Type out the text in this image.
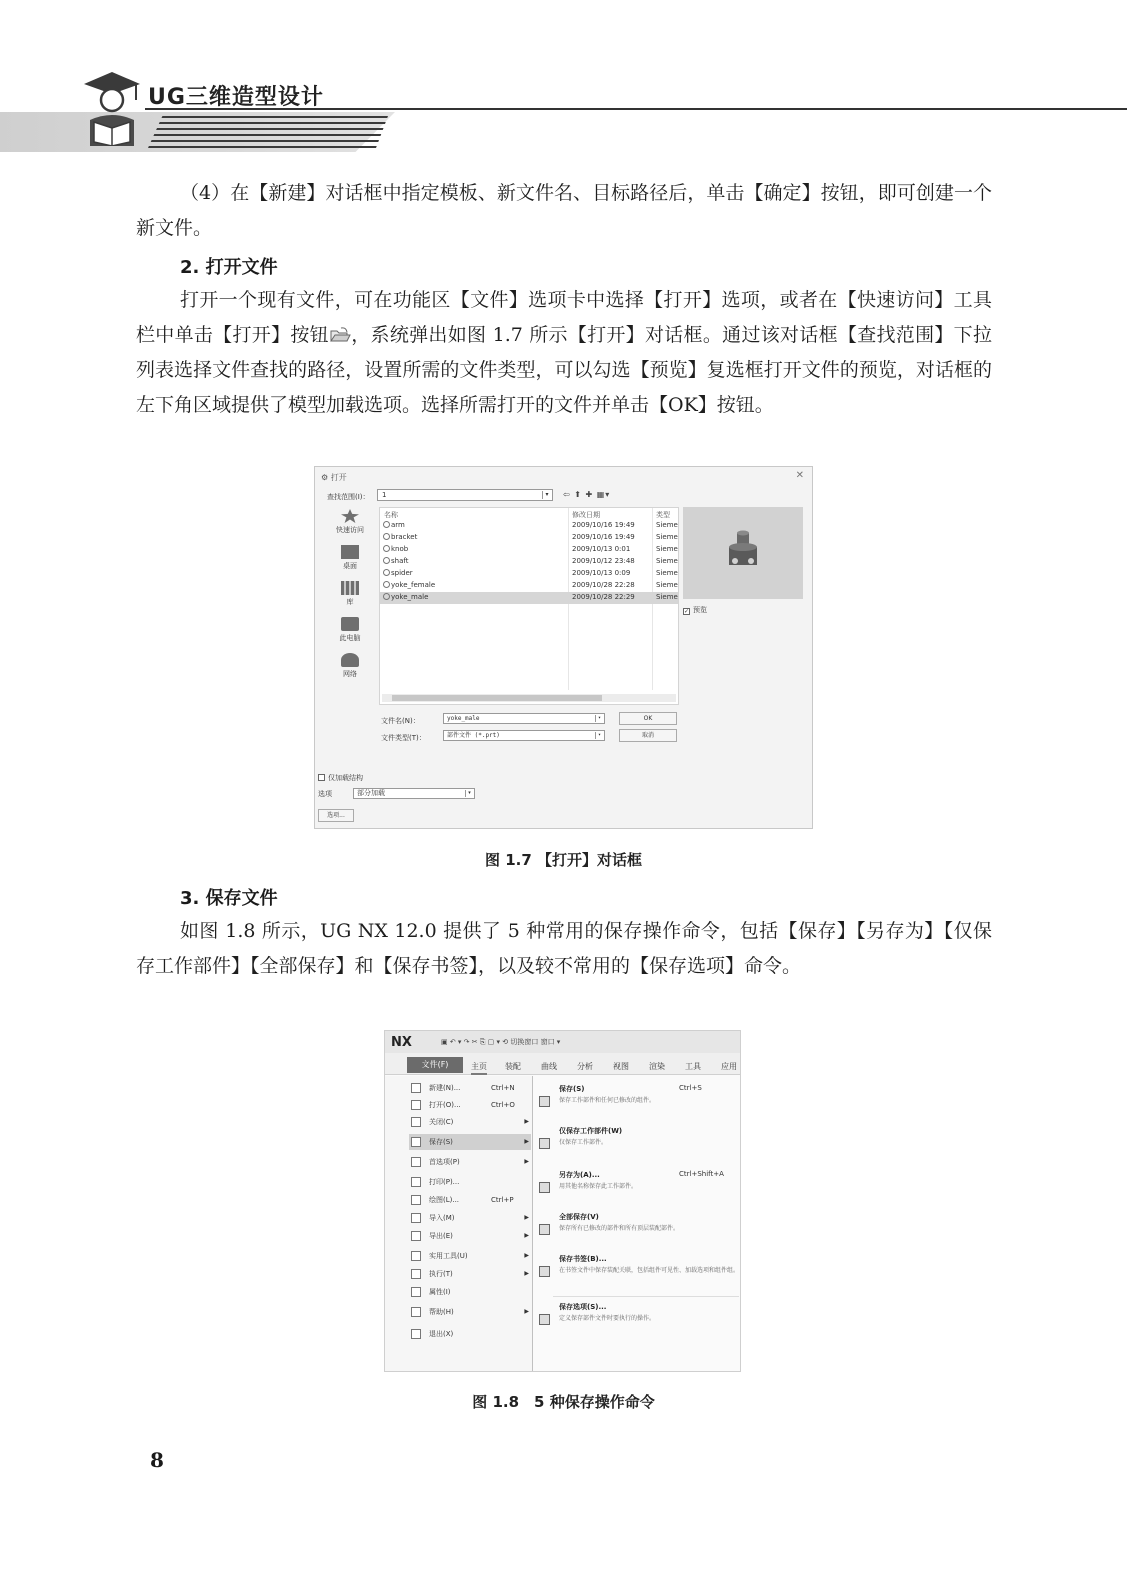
UG三维造型设计

（4）在【新建】对话框中指定模板、新文件名、目标路径后，单击【确定】按钮，即可创建一个新文件。

2. 打开文件

打开一个现有文件，可在功能区【文件】选项卡中选择【打开】选项，或者在【快速访问】工具栏中单击【打开】按钮 ，系统弹出如图 1.7 所示【打开】对话框。通过该对话框【查找范围】下拉列表选择文件查找的路径，设置所需的文件类型，可以勾选【预览】复选框打开文件的预览，对话框的左下角区域提供了模型加载选项。选择所需打开的文件并单击【OK】按钮。

⚙ 打开	✕
查找范围(I)：	1	▾	⇦ ⬆ ✚ ▦▾
快速访问
桌面
库
此电脑
网络
名称	修改日期	类型
arm	2009/10/16 19:49	Sieme
bracket	2009/10/16 19:49	Sieme
knob	2009/10/13 0:01	Sieme
shaft	2009/10/12 23:48	Sieme
spider	2009/10/13 0:09	Sieme
yoke_female	2009/10/28 22:28	Sieme
yoke_male	2009/10/28 22:29	Sieme
✓ 预览
文件名(N)：	yoke_male	▾
文件类型(T)：	部件文件 (*.prt)	▾
OK
取消
仅加载结构
选项	部分加载	▾
选项...
图 1.7 【打开】对话框
3. 保存文件

如图 1.8 所示，UG NX 12.0 提供了 5 种常用的保存操作命令，包括【保存】【另存为】【仅保存工作部件】【全部保存】和【保存书签】，以及较不常用的【保存选项】命令。

NX	▣ ↶ ▾ ↷ ✂ ⎘ ▢ ▾ ⟲ 切换窗口 窗口 ▾
文件(F)	主页 装配	曲线	分析	视图	渲染	工具	应用
新建(N)...	Ctrl+N
打开(O)...	Ctrl+O
关闭(C)	▶
保存(S)	▶
首选项(P)	▶
打印(P)...
绘图(L)...	Ctrl+P
导入(M)	▶
导出(E)	▶
实用工具(U)	▶
执行(T)	▶
属性(I)
帮助(H)	▶
退出(X)
保存(S)	Ctrl+S
保存工作部件和任何已修改的组件。
仅保存工作部件(W)
仅保存工作部件。
另存为(A)...	Ctrl+Shift+A
用其他名称保存此工作部件。
全部保存(V)
保存所有已修改的部件和所有顶层装配部件。
保存书签(B)...
在书签文件中保存装配关联，包括组件可见性、加载选项和组件组。
保存选项(S)...
定义保存部件文件时要执行的操作。
图 1.8　5 种保存操作命令
8
